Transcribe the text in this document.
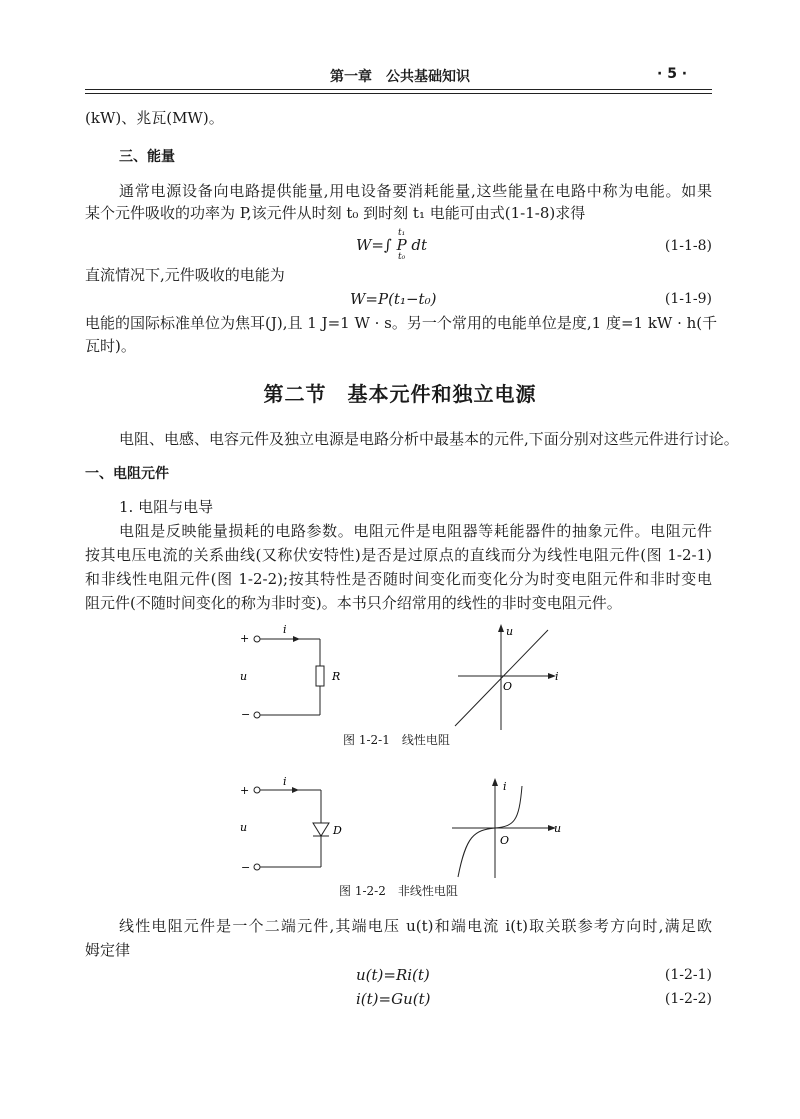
第一章　公共基础知识	· 5 ·
(kW)、兆瓦(MW)。
三、能量
通常电源设备向电路提供能量,用电设备要消耗能量,这些能量在电路中称为电能。如果
某个元件吸收的功率为 P,该元件从时刻 t₀ 到时刻 t₁ 电能可由式(1-1-8)求得
W=∫ P dt
t₁
t₀
(1-1-8)
直流情况下,元件吸收的电能为
W=P(t₁−t₀)	(1-1-9)
电能的国际标准单位为焦耳(J),且 1 J=1 W · s。另一个常用的电能单位是度,1 度=1 kW · h(千
瓦时)。
第二节　基本元件和独立电源
电阻、电感、电容元件及独立电源是电路分析中最基本的元件,下面分别对这些元件进行讨论。
一、电阻元件
1. 电阻与电导
电阻是反映能量损耗的电路参数。电阻元件是电阻器等耗能器件的抽象元件。电阻元件
按其电压电流的关系曲线(又称伏安特性)是否是过原点的直线而分为线性电阻元件(图 1-2-1)
和非线性电阻元件(图 1-2-2);按其特性是否随时间变化而变化分为时变电阻元件和非时变电
阻元件(不随时间变化的称为非时变)。本书只介绍常用的线性的非时变电阻元件。
+
−
u
i
R
u
i
O
图 1-2-1　线性电阻
+
−
u
i
D
i
u
O
图 1-2-2　非线性电阻
线性电阻元件是一个二端元件,其端电压 u(t)和端电流 i(t)取关联参考方向时,满足欧
姆定律
u(t)=Ri(t)	(1-2-1)
i(t)=Gu(t)	(1-2-2)
